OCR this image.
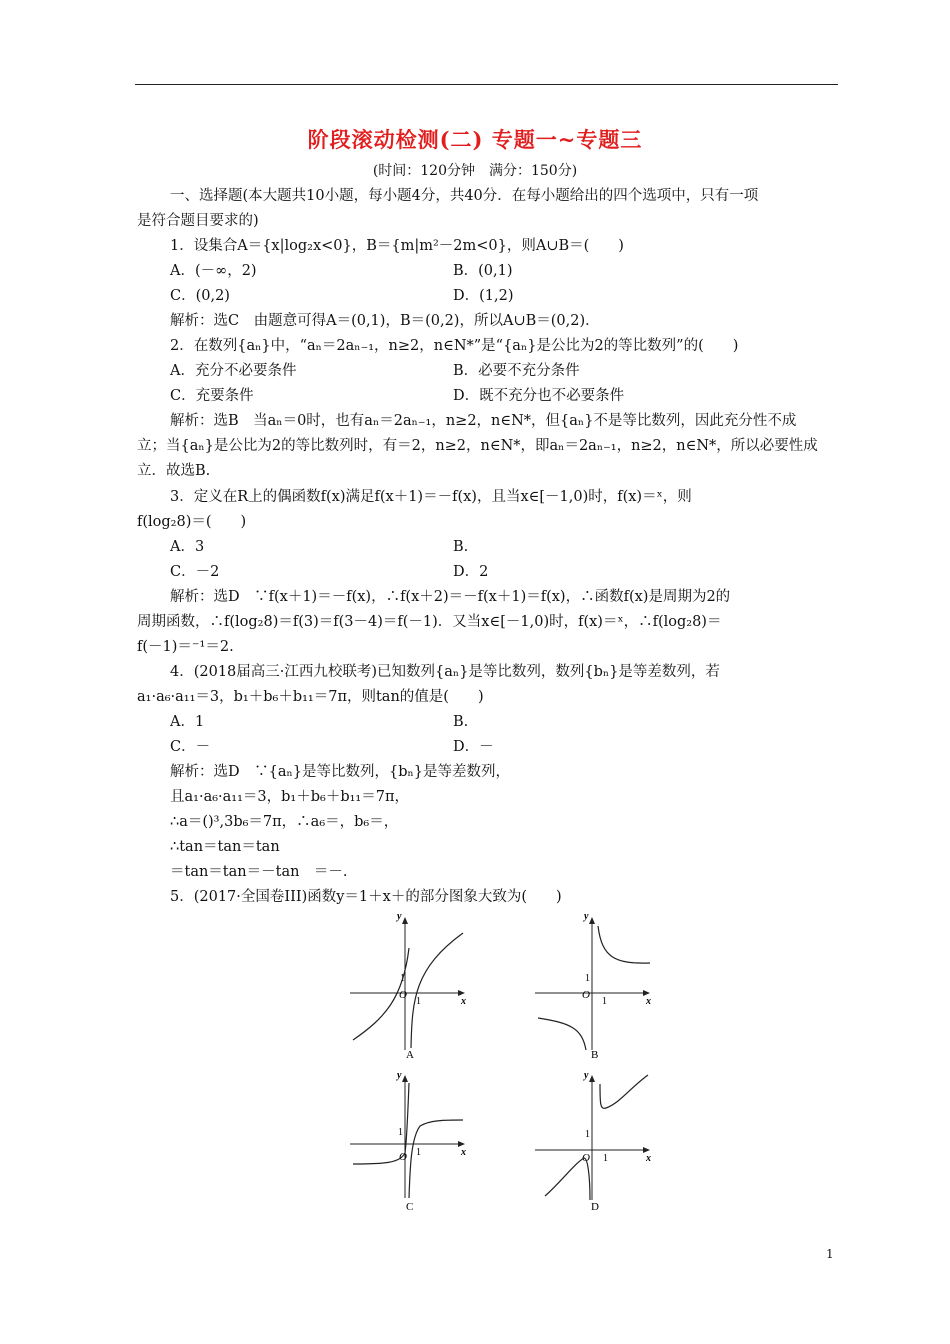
阶段滚动检测(二) 专题一~专题三
(时间：120分钟　满分：150分)
一、选择题(本大题共10小题，每小题4分，共40分．在每小题给出的四个选项中，只有一项
是符合题目要求的)
1．设集合A＝{x|log₂x<0}，B＝{m|m²－2m<0}，则A∪B＝(　　)
A．(－∞，2)	B．(0,1)
C．(0,2)	D．(1,2)
解析：选C　由题意可得A＝(0,1)，B＝(0,2)，所以A∪B＝(0,2)．
2．在数列{aₙ}中，“aₙ＝2aₙ₋₁，n≥2，n∈N*”是“{aₙ}是公比为2的等比数列”的(　　)
A．充分不必要条件	B．必要不充分条件
C．充要条件	D．既不充分也不必要条件
解析：选B　当aₙ＝0时，也有aₙ＝2aₙ₋₁，n≥2，n∈N*，但{aₙ}不是等比数列，因此充分性不成
立；当{aₙ}是公比为2的等比数列时，有＝2，n≥2，n∈N*，即aₙ＝2aₙ₋₁，n≥2，n∈N*，所以必要性成
立．故选B.
3．定义在R上的偶函数f(x)满足f(x＋1)＝－f(x)，且当x∈[－1,0)时，f(x)＝ˣ，则
f(log₂8)＝(　　)
A．3	B.
C．－2	D．2
解析：选D　∵f(x＋1)＝－f(x)，∴f(x＋2)＝－f(x＋1)＝f(x)，∴函数f(x)是周期为2的
周期函数，∴f(log₂8)＝f(3)＝f(3－4)＝f(－1)．又当x∈[－1,0)时，f(x)＝ˣ，∴f(log₂8)＝
f(－1)＝⁻¹＝2.
4．(2018届高三·江西九校联考)已知数列{aₙ}是等比数列，数列{bₙ}是等差数列，若
a₁·a₆·a₁₁＝3，b₁＋b₆＋b₁₁＝7π，则tan的值是(　　)
A．1	B.
C．－	D．－
解析：选D　∵{aₙ}是等比数列，{bₙ}是等差数列，
且a₁·a₆·a₁₁＝3，b₁＋b₆＋b₁₁＝7π，
∴a＝()³,3b₆＝7π，∴a₆＝，b₆＝，
∴tan＝tan＝tan
＝tan＝tan＝－tan　＝－.
5．(2017·全国卷III)函数y＝1＋x＋的部分图象大致为(　　)
y
x
O
1
1
A
y
x
O
1
1
B
y
x
O
1
1
C
y
x
O
1
1
D
1
